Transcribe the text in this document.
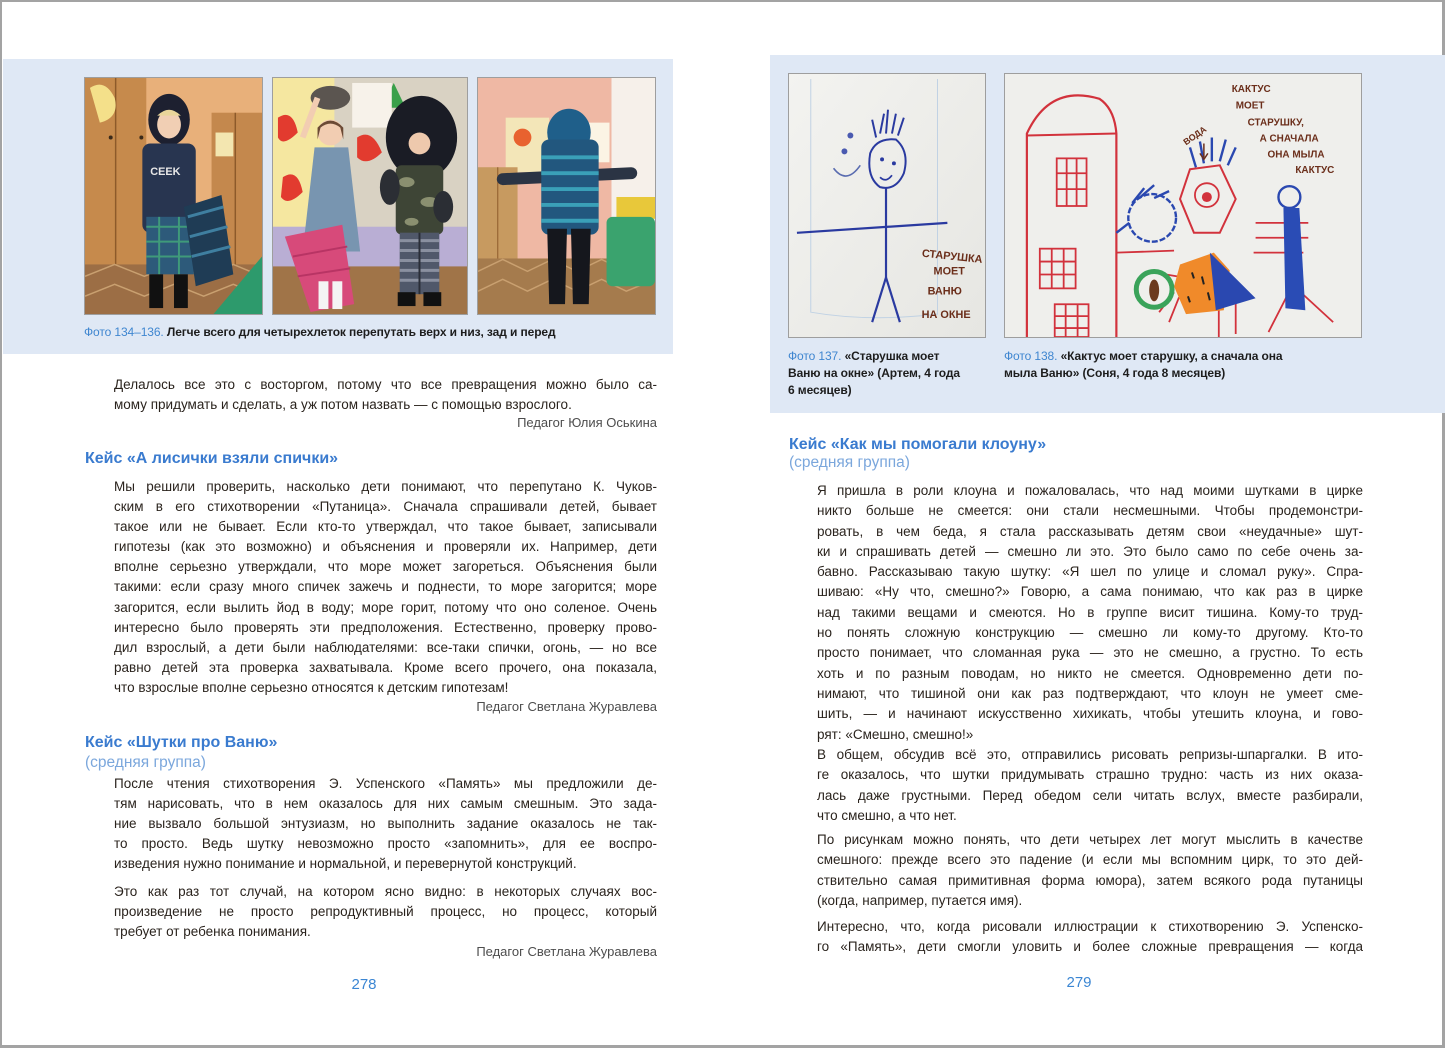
CEEK
Фото 134–136. Легче всего для четырехлеток перепутать верх и низ, зад и перед
Делалось все это с восторгом, потому что все превращения можно было са-
мому придумать и сделать, а уж потом назвать — с помощью взрослого.
Педагог Юлия Оськина
Кейс «А лисички взяли спички»
Мы решили проверить, насколько дети понимают, что перепутано К. Чуков-
ским в его стихотворении «Путаница». Сначала спрашивали детей, бывает
такое или не бывает. Если кто-то утверждал, что такое бывает, записывали
гипотезы (как это возможно) и объяснения и проверяли их. Например, дети
вполне серьезно утверждали, что море может загореться. Объяснения были
такими: если сразу много спичек зажечь и поднести, то море загорится; море
загорится, если вылить йод в воду; море горит, потому что оно соленое. Очень
интересно было проверять эти предположения. Естественно, проверку прово-
дил взрослый, а дети были наблюдателями: все-таки спички, огонь, — но все
равно детей эта проверка захватывала. Кроме всего прочего, она показала,
что взрослые вполне серьезно относятся к детским гипотезам!
Педагог Светлана Журавлева
Кейс «Шутки про Ваню»
(средняя группа)
После чтения стихотворения Э. Успенского «Память» мы предложили де-
тям нарисовать, что в нем оказалось для них самым смешным. Это зада-
ние вызвало большой энтузиазм, но выполнить задание оказалось не так-
то просто. Ведь шутку невозможно просто «запомнить», для ее воспро-
изведения нужно понимание и нормальной, и перевернутой конструкций.
Это как раз тот случай, на котором ясно видно: в некоторых случаях вос-
произведение не просто репродуктивный процесс, но процесс, который
требует от ребенка понимания.
Педагог Светлана Журавлева
278
СТАРУШКА
МОЕТ
ВАНЮ
НА ОКНЕ
КАКТУС
МОЕТ
СТАРУШКУ,
А СНАЧАЛА
ОНА МЫЛА
КАКТУС
ВОДА
Фото 137. «Старушка моет
Ваню на окне» (Артем, 4 года
6 месяцев)
Фото 138. «Кактус моет старушку, а сначала она
мыла Ваню» (Соня, 4 года 8 месяцев)
Кейс «Как мы помогали клоуну»
(средняя группа)
Я пришла в роли клоуна и пожаловалась, что над моими шутками в цирке
никто больше не смеется: они стали несмешными. Чтобы продемонстри-
ровать, в чем беда, я стала рассказывать детям свои «неудачные» шут-
ки и спрашивать детей — смешно ли это. Это было само по себе очень за-
бавно. Рассказываю такую шутку: «Я шел по улице и сломал руку». Спра-
шиваю: «Ну что, смешно?» Говорю, а сама понимаю, что как раз в цирке
над такими вещами и смеются. Но в группе висит тишина. Кому-то труд-
но понять сложную конструкцию — смешно ли кому-то другому. Кто-то
просто понимает, что сломанная рука — это не смешно, а грустно. То есть
хоть и по разным поводам, но никто не смеется. Одновременно дети по-
нимают, что тишиной они как раз подтверждают, что клоун не умеет сме-
шить, — и начинают искусственно хихикать, чтобы утешить клоуна, и гово-
рят: «Смешно, смешно!»
В общем, обсудив всё это, отправились рисовать репризы-шпаргалки. В ито-
ге оказалось, что шутки придумывать страшно трудно: часть из них оказа-
лась даже грустными. Перед обедом сели читать вслух, вместе разбирали,
что смешно, а что нет.
По рисункам можно понять, что дети четырех лет могут мыслить в качестве
смешного: прежде всего это падение (и если мы вспомним цирк, то это дей-
ствительно самая примитивная форма юмора), затем всякого рода путаницы
(когда, например, путается имя).
Интересно, что, когда рисовали иллюстрации к стихотворению Э. Успенско-
го «Память», дети смогли уловить и более сложные превращения — когда
279
